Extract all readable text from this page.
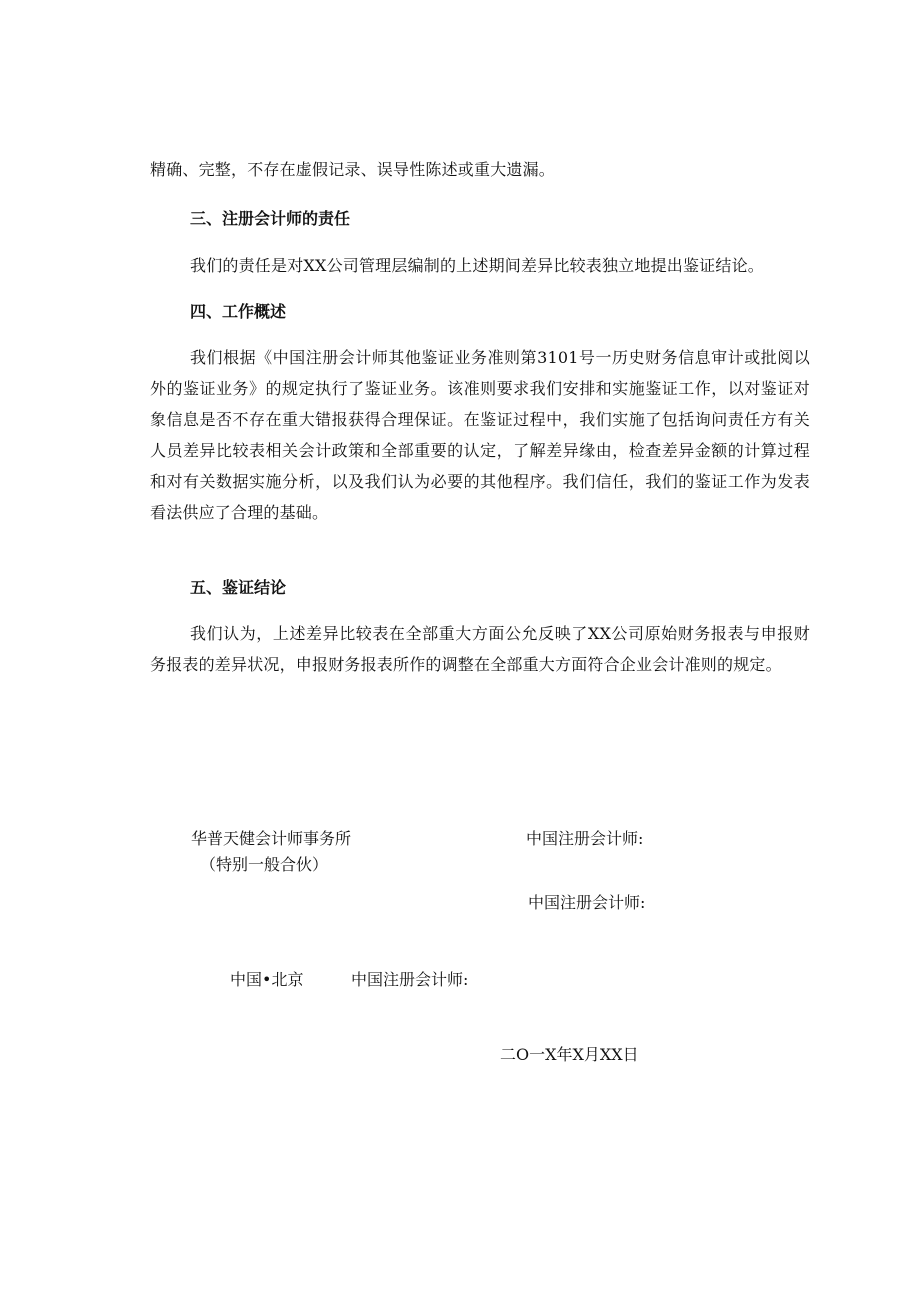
精确、完整，不存在虚假记录、误导性陈述或重大遗漏。

三、注册会计师的责任

我们的责任是对XX公司管理层编制的上述期间差异比较表独立地提出鉴证结论。

四、工作概述

我们根据《中国注册会计师其他鉴证业务准则第3101号一历史财务信息审计或批阅以外的鉴证业务》的规定执行了鉴证业务。该准则要求我们安排和实施鉴证工作，以对鉴证对象信息是否不存在重大错报获得合理保证。在鉴证过程中，我们实施了包括询问责任方有关人员差异比较表相关会计政策和全部重要的认定，了解差异缘由，检查差异金额的计算过程和对有关数据实施分析，以及我们认为必要的其他程序。我们信任，我们的鉴证工作为发表看法供应了合理的基础。

五、鉴证结论

我们认为，上述差异比较表在全部重大方面公允反映了XX公司原始财务报表与申报财务报表的差异状况，申报财务报表所作的调整在全部重大方面符合企业会计准则的规定。

华普天健会计师事务所
（特别一般合伙）
中国注册会计师:
中国注册会计师:
中国•北京	中国注册会计师:
二O一X年X月XX日
